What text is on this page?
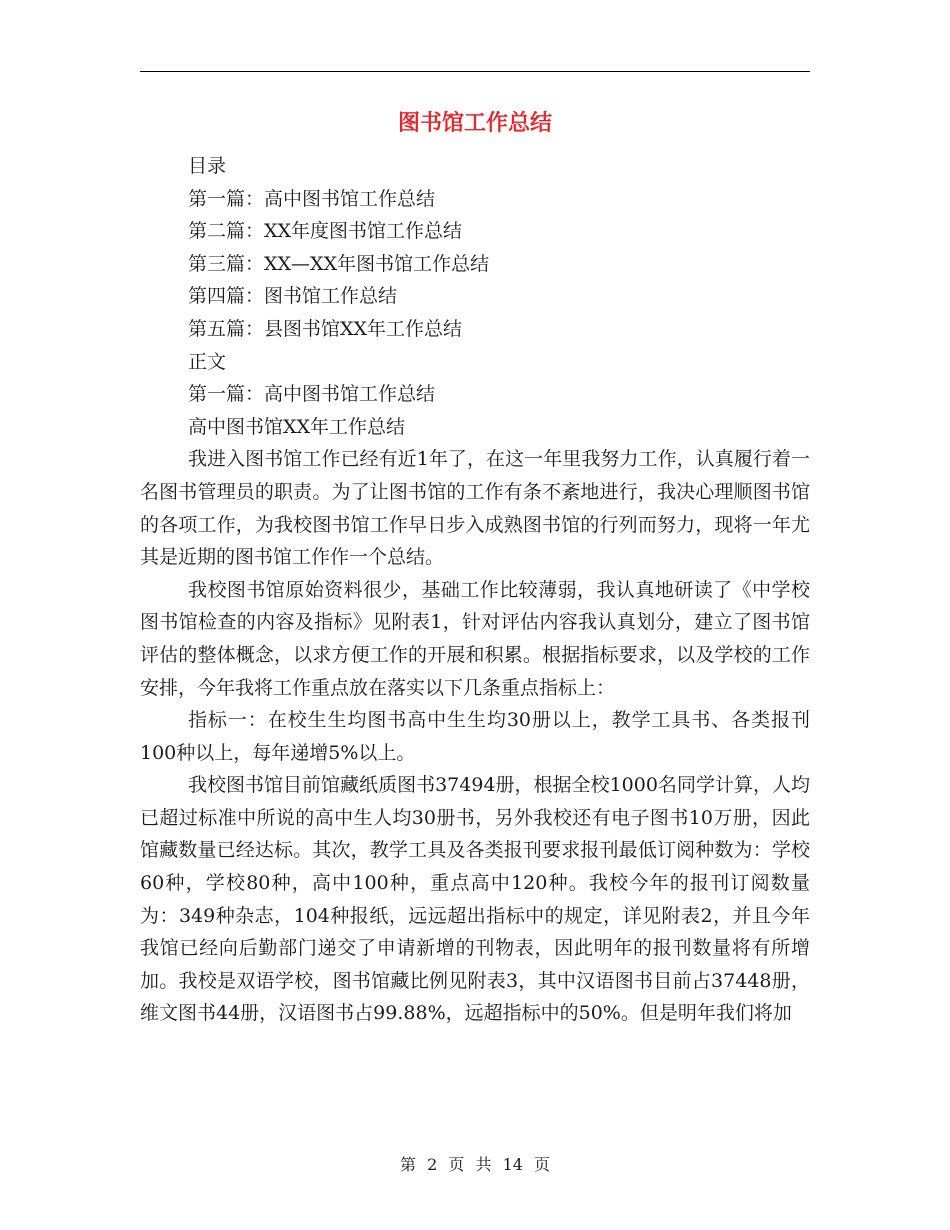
图书馆工作总结
目录
第一篇：高中图书馆工作总结
第二篇：XX年度图书馆工作总结
第三篇：XX—XX年图书馆工作总结
第四篇：图书馆工作总结
第五篇：县图书馆XX年工作总结
正文
第一篇：高中图书馆工作总结
高中图书馆XX年工作总结

我进入图书馆工作已经有近1年了，在这一年里我努力工作，认真履行着一名图书管理员的职责。为了让图书馆的工作有条不紊地进行，我决心理顺图书馆的各项工作，为我校图书馆工作早日步入成熟图书馆的行列而努力，现将一年尤其是近期的图书馆工作作一个总结。

我校图书馆原始资料很少，基础工作比较薄弱，我认真地研读了《中学校图书馆检查的内容及指标》见附表1，针对评估内容我认真划分，建立了图书馆评估的整体概念，以求方便工作的开展和积累。根据指标要求，以及学校的工作安排，今年我将工作重点放在落实以下几条重点指标上：

指标一：在校生生均图书高中生生均30册以上，教学工具书、各类报刊100种以上，每年递增5%以上。

我校图书馆目前馆藏纸质图书37494册，根据全校1000名同学计算，人均已超过标准中所说的高中生人均30册书，另外我校还有电子图书10万册，因此馆藏数量已经达标。其次，教学工具及各类报刊要求报刊最低订阅种数为：学校60种，学校80种，高中100种，重点高中120种。我校今年的报刊订阅数量为：349种杂志，104种报纸，远远超出指标中的规定，详见附表2，并且今年我馆已经向后勤部门递交了申请新增的刊物表，因此明年的报刊数量将有所增加。我校是双语学校，图书馆藏比例见附表3，其中汉语图书目前占37448册，维文图书44册，汉语图书占99.88%，远超指标中的50%。但是明年我们将加

第 2 页 共 14 页
